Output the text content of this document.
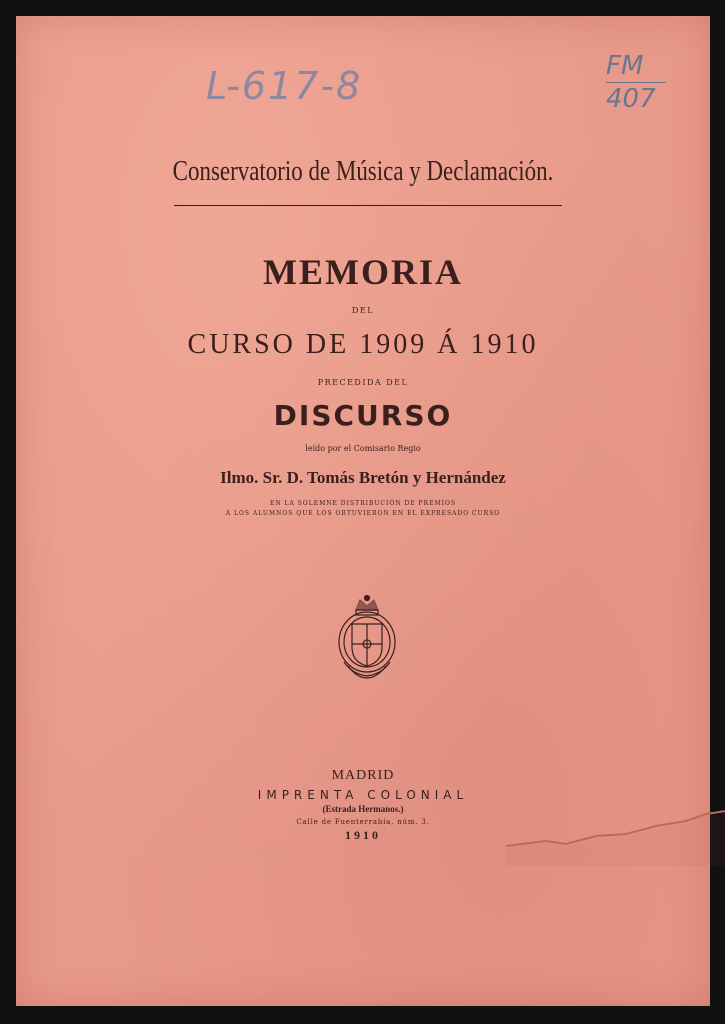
L-617-8	FM
407
Conservatorio de Música y Declamación.
MEMORIA
DEL
CURSO DE 1909 Á 1910
PRECEDIDA DEL
DISCURSO
leído por el Comisario Regio
Ilmo. Sr. D. Tomás Bretón y Hernández
EN LA SOLEMNE DISTRIBUCIÓN DE PREMIOS
Á LOS ALUMNOS QUE LOS OBTUVIERON EN EL EXPRESADO CURSO
MADRID
IMPRENTA COLONIAL
(Estrada Hermanos.)
Calle de Fuenterrabía, núm. 3.
1910
